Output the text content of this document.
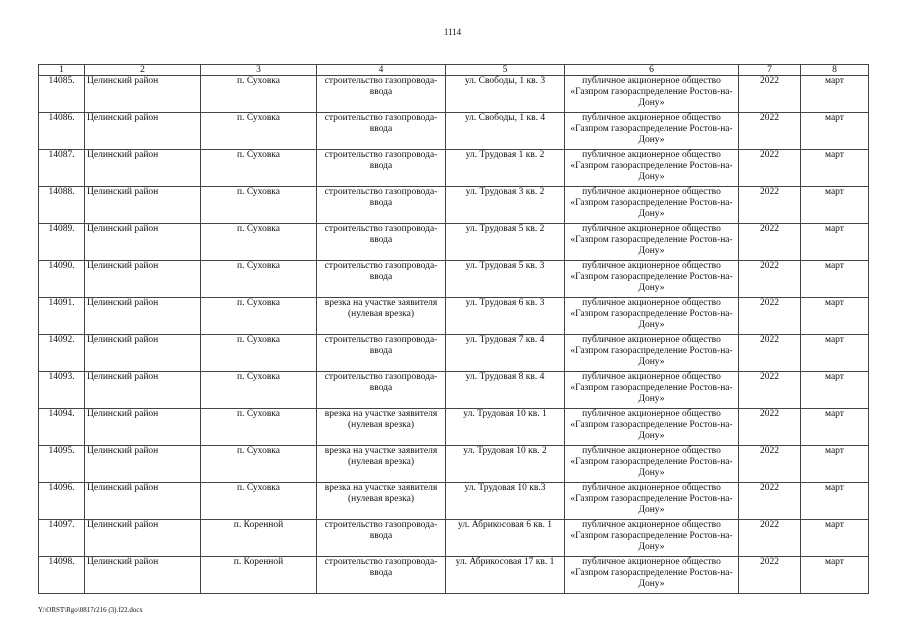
1114
1	2	3	4	5	6	7	8
14085.	Целинский район	п. Суховка	строительство газопровода-ввода	ул. Свободы, 1 кв. 3	публичное акционерное общество «Газпром газораспределение Ростов-на-Дону»	2022	март
14086.	Целинский район	п. Суховка	строительство газопровода-ввода	ул. Свободы, 1 кв. 4	публичное акционерное общество «Газпром газораспределение Ростов-на-Дону»	2022	март
14087.	Целинский район	п. Суховка	строительство газопровода-ввода	ул. Трудовая 1 кв. 2	публичное акционерное общество «Газпром газораспределение Ростов-на-Дону»	2022	март
14088.	Целинский район	п. Суховка	строительство газопровода-ввода	ул. Трудовая 3 кв. 2	публичное акционерное общество «Газпром газораспределение Ростов-на-Дону»	2022	март
14089.	Целинский район	п. Суховка	строительство газопровода-ввода	ул. Трудовая 5 кв. 2	публичное акционерное общество «Газпром газораспределение Ростов-на-Дону»	2022	март
14090.	Целинский район	п. Суховка	строительство газопровода-ввода	ул. Трудовая 5 кв. 3	публичное акционерное общество «Газпром газораспределение Ростов-на-Дону»	2022	март
14091.	Целинский район	п. Суховка	врезка на участке заявителя (нулевая врезка)	ул. Трудовая 6 кв. 3	публичное акционерное общество «Газпром газораспределение Ростов-на-Дону»	2022	март
14092.	Целинский район	п. Суховка	строительство газопровода-ввода	ул. Трудовая 7 кв. 4	публичное акционерное общество «Газпром газораспределение Ростов-на-Дону»	2022	март
14093.	Целинский район	п. Суховка	строительство газопровода-ввода	ул. Трудовая 8 кв. 4	публичное акционерное общество «Газпром газораспределение Ростов-на-Дону»	2022	март
14094.	Целинский район	п. Суховка	врезка на участке заявителя (нулевая врезка)	ул. Трудовая 10 кв. 1	публичное акционерное общество «Газпром газораспределение Ростов-на-Дону»	2022	март
14095.	Целинский район	п. Суховка	врезка на участке заявителя (нулевая врезка)	ул. Трудовая 10 кв. 2	публичное акционерное общество «Газпром газораспределение Ростов-на-Дону»	2022	март
14096.	Целинский район	п. Суховка	врезка на участке заявителя (нулевая врезка)	ул. Трудовая 10 кв.3	публичное акционерное общество «Газпром газораспределение Ростов-на-Дону»	2022	март
14097.	Целинский район	п. Коренной	строительство газопровода-ввода	ул. Абрикосовая 6 кв. 1	публичное акционерное общество «Газпром газораспределение Ростов-на-Дону»	2022	март
14098.	Целинский район	п. Коренной	строительство газопровода-ввода	ул. Абрикосовая 17 кв. 1	публичное акционерное общество «Газпром газораспределение Ростов-на-Дону»	2022	март
Y:\ORST\Rgo\0817r216 (3).f22.docx
